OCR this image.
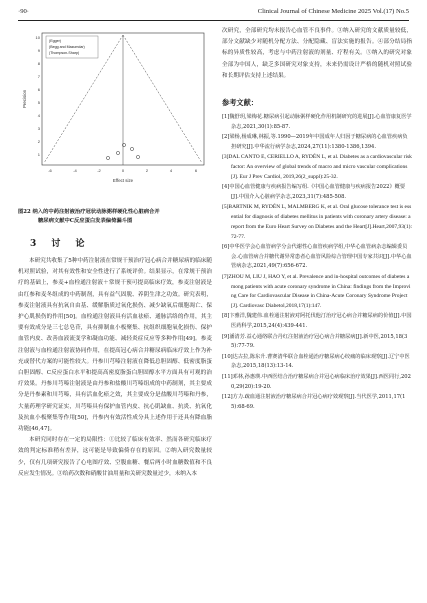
·90·	Clinical Journal of Chinese Medicine 2025 Vol.(17) No.5
(Egger)
(Begg and Mazumdar)
(Thompson-Sharp)
10
9
8
7
6
5
4
3
2
1
-6	-4	-2	0	2	4	6
Effect size
Precision
图22 纳入的中药注射液治疗冠状动脉粥样硬化性心脏病合并
糖尿病文献中C反应蛋白发表偏倚漏斗图
3 讨 论

本研究共收集了5种中药注射液在常规干预治疗冠心病合并糖尿病的临床随机对照试验，对其有效性和安全性进行了系统评价。结果显示，在常规干预治疗的基础上，参麦+血栓通注射液＋常规干预可提高临床疗效，参麦注射液是由红参和麦冬组成的中药制剂，具有益气固脱、养阴生津之功效。研究表明，参麦注射液具有抗氧自由基、缓解脂质过氧化损伤、减少缺氧后细胞凋亡、保护心肌损伤的作用[50]。血栓通注射液具有活血祛瘀、通脉活络的作用，其主要有效成分是三七总皂苷，具有抑制血小板聚集、抗组织细胞氧化损伤、保护血管内皮、改善血液流变学和凝血功能、减轻炎症反应等多种作用[49]。参麦注射液与血栓通注射液协同作用，在提高冠心病合并糖尿病临床疗效上作为补充或替代方案的可能性较大。丹参川芎嗪注射液在降低总胆固醇、低密度脂蛋白胆固醇、C反应蛋白水平和提高高密度脂蛋白胆固醇水平方面具有可观的治疗效果。丹参川芎嗪注射液是由丹参和盐酸川芎嗪组成的中药制剂，其主要成分是丹参素和川芎嗪，具有活血化瘀之效，其主要成分是盐酸川芎嗪和丹参，大量药理学研究证实，川芎嗪具有保护血管内皮、抗心肌缺血、抗炎、抗氧化及抗血小板聚集等作用[50]，丹参内有效活性成分具上述作用于还具有降血脂功能[46,47]。

本研究同时存在一定的局限性：①比较了临床有效率、然而各研究临床疗效的判定标准稍有差异，这可能是导致偏倚存在的原因。②纳入研究数量较少，仅有几项研究报告了心电图疗效、空腹血糖、餐后两小时血糖数值和不良反应发生情况。③给药次数和硝酸甘油用量和关研究数量过少，未纳入本

次研究，全部研究均未报告心血管不良事件。③纳入研究的文献质量较低，部分文献缺少对随机分配方法、分配隐藏、盲法实施的报告。④部分结局指标的异质性较高，考虑与中药注射液的剂量、疗程有关。⑤纳入的研究对象全部为中国人，缺乏多国研究对象支持，未来仍需设计严格的随机对照试验和长期评估支持上述结果。

参考文献：
[1]魏舒玥,梁梅花.糖尿病引起动脉粥样硬化作用机制研究的进展[J].心血管康复医学杂志,2021,30(1):85-87.
[2]梁杨,杨成琳,林振,等.1990—2019年中国成年人归因于糖尿病的心血管疾病负担研究[J].中华流行病学杂志,2024,27(11):1380-1386,1394.
[3]DAL CANTO E, CERIELLO A, RYDÉN L, et al. Diabetes as a cardiovascular risk factor: An overview of global trends of macro and micro vascular complications[J]. Eur J Prev Cardiol, 2019,26(2_suppl):25-32.
[4]中国心血管健康与疾病报告编写组.《中国心血管健康与疾病报告2022》概要[J].中国介入心脏病学杂志,2023,31(7):485-508.
[5]BARTNIK M, RYDÉN L, MALMBERG K, et al. Oral glucose tolerance test is essential for diagnosis of diabetes mellitus in patients with coronary artery disease: a report from the Euro Heart Survey on Diabetes and the Heart[J].Heart,2007,93(1):72-77.
[6]中华医学会心血管病学分会代谢性心血管疾病学组,中华心血管病杂志编辑委员会.心血管病合并糖代谢异常患者心血管风险综合管理中国专家共识[J].中华心血管病杂志,2021,49(7):656-672.
[7]ZHOU M, LIU J, HAO Y, et al. Prevalence and in-hospital outcomes of diabetes among patients with acute coronary syndrome in China: findings from the Improving Care for Cardiovascular Disease in China-Acute Coronary Syndrome Project[J]. Cardiovasc Diabetol,2018,17(1):147.
[8]卞雅洋,魏建伟.血栓通注射液对阿托伐他汀治疗冠心病合并糖尿病的价值[J].中国医药科学,2015,24(4):439-441.
[9]潘清芳.益心通络联合丹红注射液治疗冠心病合并糖尿病[J].新中医,2015,18(35):77-79.
[10]达古拉,陈东升.曹赛清华联合血栓通治疗糖尿病心绞痛的临床观察[J].辽宁中医杂志,2015,18(13):13-14.
[11]邓林,孙惠瑛.中西医结合治疗糖尿病合并冠心病临床治疗效果[J].西医同行,2020,29(20):19-20.
[12]方力.疏血通注射液治疗糖尿病合并冠心病疗效观察[J].当代医学,2011,17(15):68-69.
